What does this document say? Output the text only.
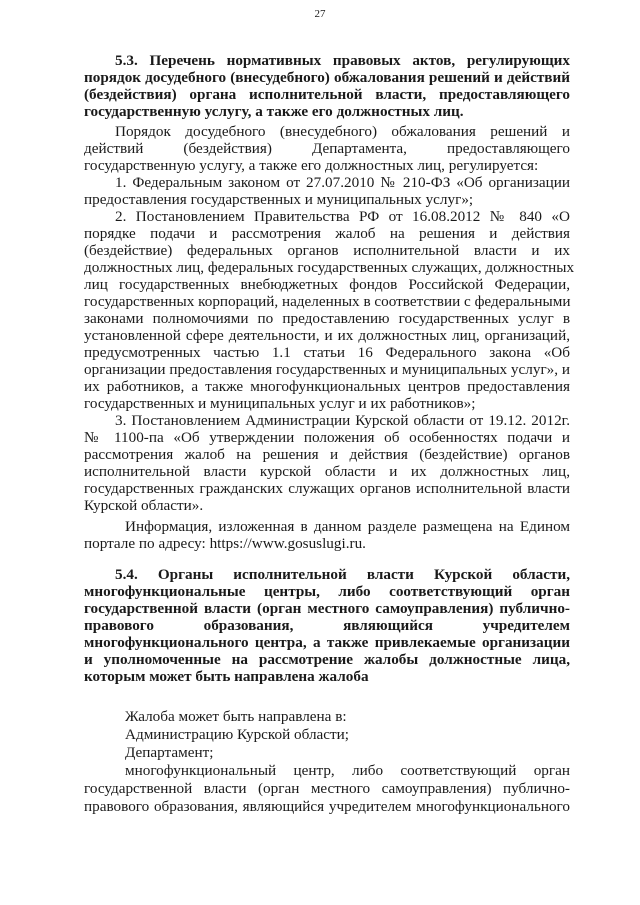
27
5.3. Перечень нормативных правовых актов, регулирующих
порядок досудебного (внесудебного) обжалования решений и действий
(бездействия) органа исполнительной власти, предоставляющего
государственную услугу, а также его должностных лиц.
Порядок досудебного (внесудебного) обжалования решений и
действий (бездействия) Департамента, предоставляющего
государственную услугу, а также его должностных лиц, регулируется:
1. Федеральным законом от 27.07.2010 № 210-ФЗ «Об организации
предоставления государственных и муниципальных услуг»;
2. Постановлением Правительства РФ от 16.08.2012 № 840 «О
порядке подачи и рассмотрения жалоб на решения и действия
(бездействие) федеральных органов исполнительной власти и их
должностных лиц, федеральных государственных служащих, должностных
лиц государственных внебюджетных фондов Российской Федерации,
государственных корпораций, наделенных в соответствии с федеральными
законами полномочиями по предоставлению государственных услуг в
установленной сфере деятельности, и их должностных лиц, организаций,
предусмотренных частью 1.1 статьи 16 Федерального закона «Об
организации предоставления государственных и муниципальных услуг», и
их работников, а также многофункциональных центров предоставления
государственных и муниципальных услуг и их работников»;
3. Постановлением Администрации Курской области от 19.12. 2012г.
№ 1100-па «Об утверждении положения об особенностях подачи и
рассмотрения жалоб на решения и действия (бездействие) органов
исполнительной власти курской области и их должностных лиц,
государственных гражданских служащих органов исполнительной власти
Курской области».
Информация, изложенная в данном разделе размещена на Едином
портале по адресу: https://www.gosuslugi.ru.
5.4. Органы исполнительной власти Курской области,
многофункциональные центры, либо соответствующий орган
государственной власти (орган местного самоуправления) публично-
правового образования, являющийся учредителем
многофункционального центра, а также привлекаемые организации
и уполномоченные на рассмотрение жалобы должностные лица,
которым может быть направлена жалоба
Жалоба может быть направлена в:
Администрацию Курской области;
Департамент;
многофункциональный центр, либо соответствующий орган
государственной власти (орган местного самоуправления) публично-
правового образования, являющийся учредителем многофункционального
